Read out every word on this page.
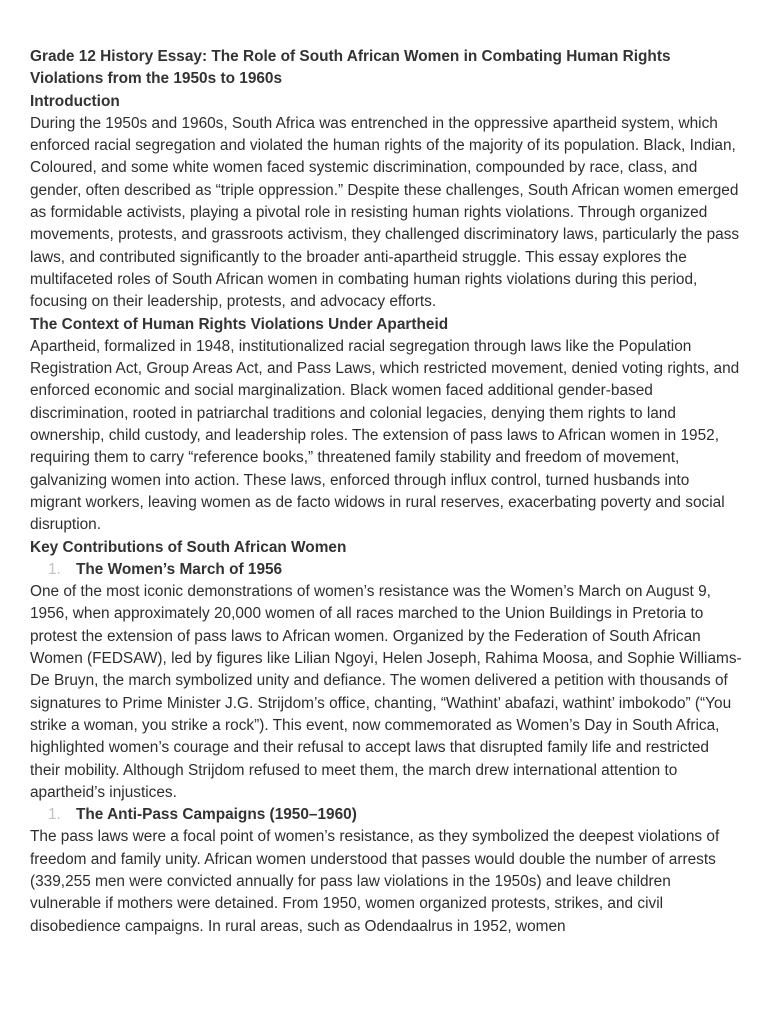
Grade 12 History Essay: The Role of South African Women in Combating Human Rights Violations from the 1950s to 1960s
Introduction

During the 1950s and 1960s, South Africa was entrenched in the oppressive apartheid system, which enforced racial segregation and violated the human rights of the majority of its population. Black, Indian, Coloured, and some white women faced systemic discrimination, compounded by race, class, and gender, often described as “triple oppression.” Despite these challenges, South African women emerged as formidable activists, playing a pivotal role in resisting human rights violations. Through organized movements, protests, and grassroots activism, they challenged discriminatory laws, particularly the pass laws, and contributed significantly to the broader anti-apartheid struggle. This essay explores the multifaceted roles of South African women in combating human rights violations during this period, focusing on their leadership, protests, and advocacy efforts.

The Context of Human Rights Violations Under Apartheid

Apartheid, formalized in 1948, institutionalized racial segregation through laws like the Population Registration Act, Group Areas Act, and Pass Laws, which restricted movement, denied voting rights, and enforced economic and social marginalization. Black women faced additional gender-based discrimination, rooted in patriarchal traditions and colonial legacies, denying them rights to land ownership, child custody, and leadership roles. The extension of pass laws to African women in 1952, requiring them to carry “reference books,” threatened family stability and freedom of movement, galvanizing women into action. These laws, enforced through influx control, turned husbands into migrant workers, leaving women as de facto widows in rural reserves, exacerbating poverty and social disruption.

Key Contributions of South African Women
1. The Women’s March of 1956

One of the most iconic demonstrations of women’s resistance was the Women’s March on August 9, 1956, when approximately 20,000 women of all races marched to the Union Buildings in Pretoria to protest the extension of pass laws to African women. Organized by the Federation of South African Women (FEDSAW), led by figures like Lilian Ngoyi, Helen Joseph, Rahima Moosa, and Sophie Williams-De Bruyn, the march symbolized unity and defiance. The women delivered a petition with thousands of signatures to Prime Minister J.G. Strijdom’s office, chanting, “Wathint’ abafazi, wathint’ imbokodo” (“You strike a woman, you strike a rock”). This event, now commemorated as Women’s Day in South Africa, highlighted women’s courage and their refusal to accept laws that disrupted family life and restricted their mobility. Although Strijdom refused to meet them, the march drew international attention to apartheid’s injustices.

1. The Anti-Pass Campaigns (1950–1960)

The pass laws were a focal point of women’s resistance, as they symbolized the deepest violations of freedom and family unity. African women understood that passes would double the number of arrests (339,255 men were convicted annually for pass law violations in the 1950s) and leave children vulnerable if mothers were detained. From 1950, women organized protests, strikes, and civil disobedience campaigns. In rural areas, such as Odendaalrus in 1952, women
